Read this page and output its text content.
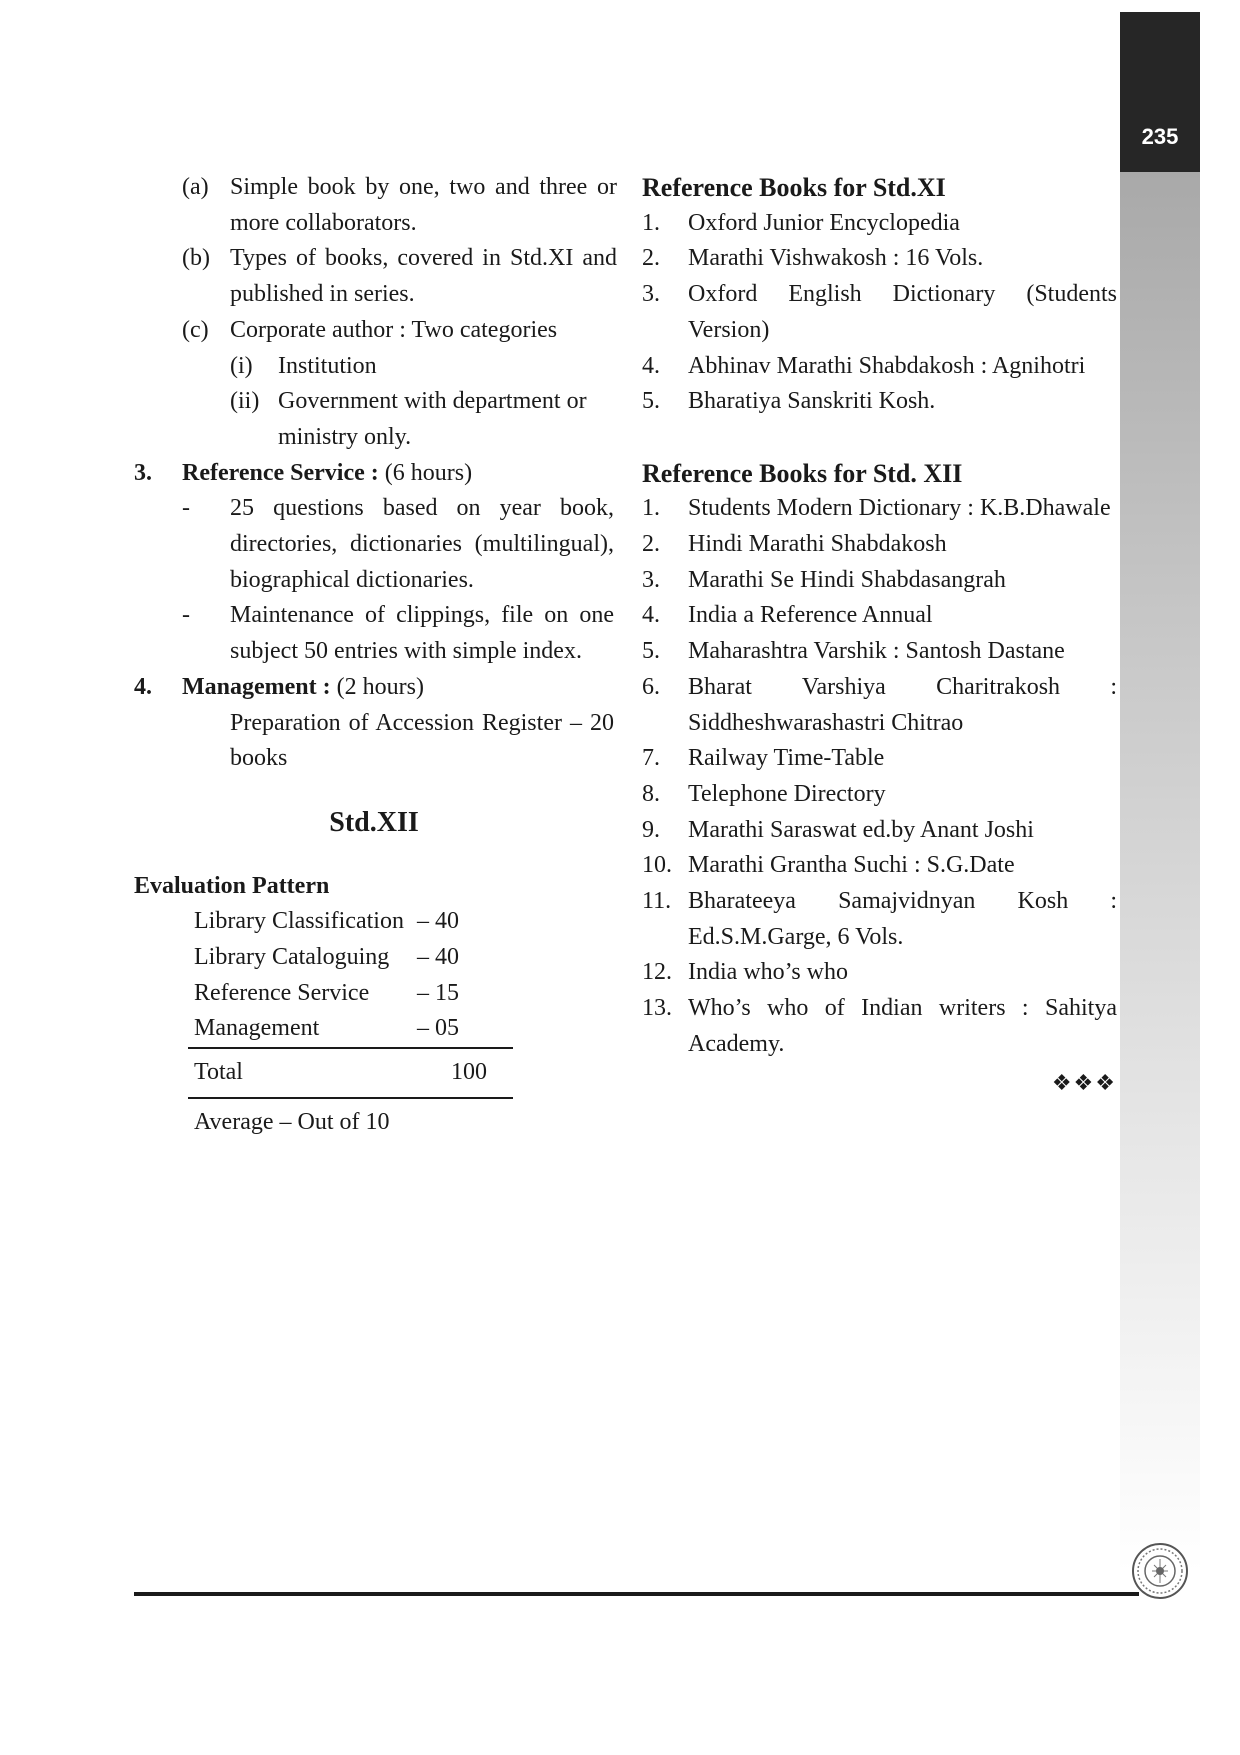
235
(a) Simple book by one, two and three or more collaborators.
(b) Types of books, covered in Std.XI and published in series.
(c) Corporate author : Two categories
(i)	Institution
(ii) Government with department or ministry only.
3.	Reference Service : (6 hours)
-	25 questions based on year book, directories, dictionaries (multilingual), biographical dictionaries.
-	Maintenance of clippings, file on one subject 50 entries with simple index.
4.	Management : (2 hours)
Preparation of Accession Register – 20 books
Std.XII
Evaluation Pattern
Library Classification	– 40
Library Cataloguing	– 40
Reference Service	– 15
Management	– 05
Total	100
Average – Out of 10
Reference Books for Std.XI
1.	Oxford Junior Encyclopedia
2.	Marathi Vishwakosh : 16 Vols.
3.	Oxford English Dictionary (Students Version)
4.	Abhinav Marathi Shabdakosh : Agnihotri
5.	Bharatiya Sanskriti Kosh.
Reference Books for Std. XII
1.	Students Modern Dictionary : K.B.Dhawale
2.	Hindi Marathi Shabdakosh
3.	Marathi Se Hindi Shabdasangrah
4.	India a Reference Annual
5.	Maharashtra Varshik : Santosh Dastane
6.	Bharat Varshiya Charitrakosh : Siddheshwarashastri Chitrao
7.	Railway Time-Table
8.	Telephone Directory
9.	Marathi Saraswat ed.by Anant Joshi
10. Marathi Grantha Suchi : S.G.Date
11. Bharateeya Samajvidnyan Kosh : Ed.S.M.Garge, 6 Vols.
12. India who’s who
13. Who’s who of Indian writers : Sahitya Academy.
❖❖❖
